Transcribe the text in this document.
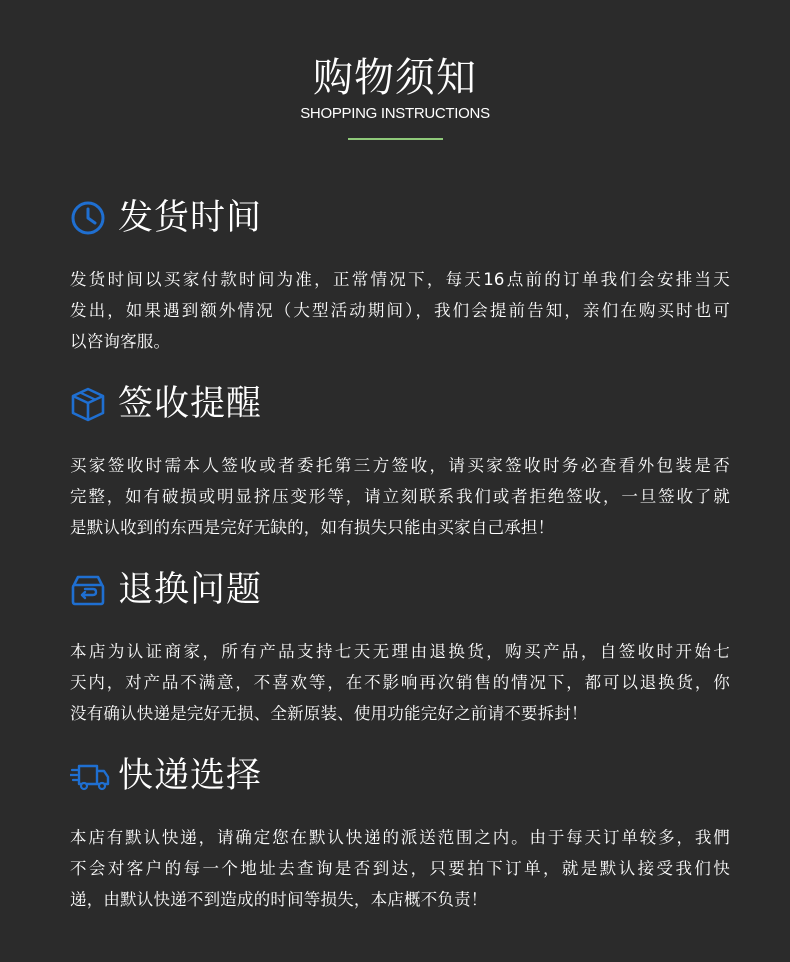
购物须知
SHOPPING INSTRUCTIONS
发货时间
发货时间以买家付款时间为准，正常情况下，每天16点前的订单我们会安排当天
发出，如果遇到额外情况（大型活动期间），我们会提前告知，亲们在购买时也可
以咨询客服。
签收提醒
买家签收时需本人签收或者委托第三方签收，请买家签收时务必查看外包装是否
完整，如有破损或明显挤压变形等，请立刻联系我们或者拒绝签收，一旦签收了就
是默认收到的东西是完好无缺的，如有损失只能由买家自己承担！
退换问题
本店为认证商家，所有产品支持七天无理由退换货，购买产品，自签收时开始七
天内，对产品不满意，不喜欢等，在不影响再次销售的情况下，都可以退换货，你
没有确认快递是完好无损、全新原装、使用功能完好之前请不要拆封！
快递选择
本店有默认快递，请确定您在默认快递的派送范围之内。由于每天订单较多，我們
不会对客户的每一个地址去查询是否到达，只要拍下订单，就是默认接受我们快
递，由默认快递不到造成的时间等损失，本店概不负责！
